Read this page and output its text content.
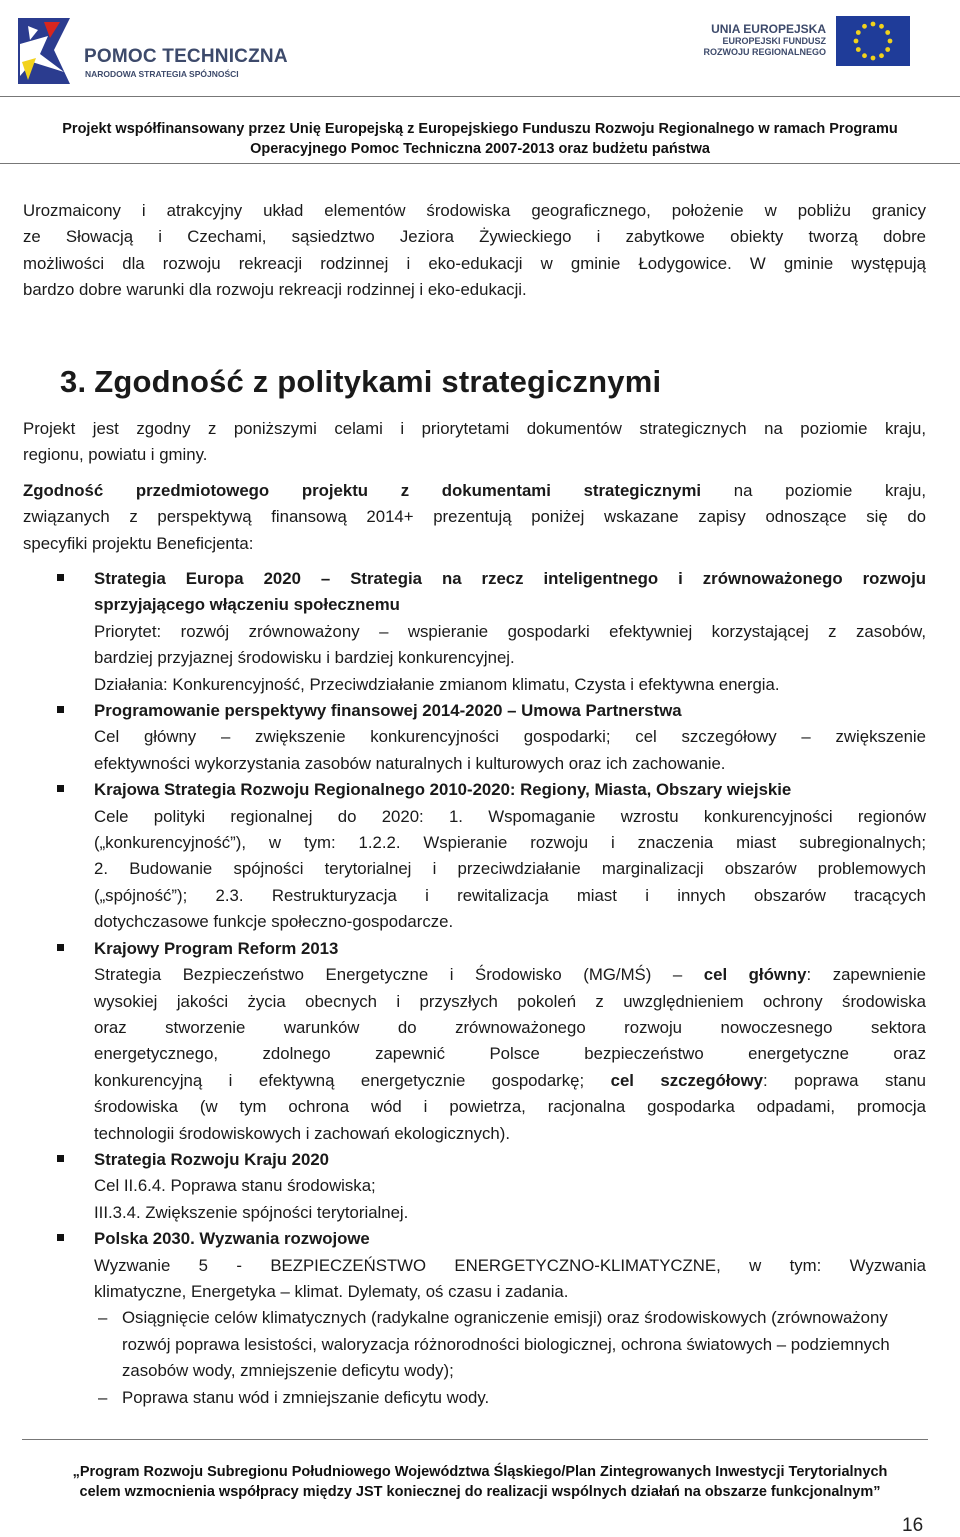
POMOC TECHNICZNA
NARODOWA STRATEGIA SPÓJNOŚCI
UNIA EUROPEJSKA
EUROPEJSKI FUNDUSZ
ROZWOJU REGIONALNEGO
Projekt współfinansowany przez Unię Europejską z Europejskiego Funduszu Rozwoju Regionalnego w ramach Programu
Operacyjnego Pomoc Techniczna 2007-2013 oraz budżetu państwa
Urozmaicony i atrakcyjny układ elementów środowiska geograficznego, położenie w pobliżu granicy
ze Słowacją i Czechami, sąsiedztwo Jeziora Żywieckiego i zabytkowe obiekty tworzą dobre
możliwości dla rozwoju rekreacji rodzinnej i eko-edukacji w gminie Łodygowice. W gminie występują
bardzo dobre warunki dla rozwoju rekreacji rodzinnej i eko-edukacji.
3. Zgodność z politykami strategicznymi
Projekt jest zgodny z poniższymi celami i priorytetami dokumentów strategicznych na poziomie kraju,
regionu, powiatu i gminy.
Zgodność przedmiotowego projektu z dokumentami strategicznymi na poziomie kraju,
związanych z perspektywą finansową 2014+ prezentują poniżej wskazane zapisy odnoszące się do
specyfiki projektu Beneficjenta:
Strategia Europa 2020 – Strategia na rzecz inteligentnego i zrównoważonego rozwoju
sprzyjającego włączeniu społecznemu
Priorytet: rozwój zrównoważony – wspieranie gospodarki efektywniej korzystającej z zasobów,
bardziej przyjaznej środowisku i bardziej konkurencyjnej.
Działania: Konkurencyjność, Przeciwdziałanie zmianom klimatu, Czysta i efektywna energia.
Programowanie perspektywy finansowej 2014-2020 – Umowa Partnerstwa
Cel główny – zwiększenie konkurencyjności gospodarki; cel szczegółowy – zwiększenie
efektywności wykorzystania zasobów naturalnych i kulturowych oraz ich zachowanie.
Krajowa Strategia Rozwoju Regionalnego 2010-2020: Regiony, Miasta, Obszary wiejskie
Cele polityki regionalnej do 2020: 1. Wspomaganie wzrostu konkurencyjności regionów
(„konkurencyjność”), w tym: 1.2.2. Wspieranie rozwoju i znaczenia miast subregionalnych;
2. Budowanie spójności terytorialnej i przeciwdziałanie marginalizacji obszarów problemowych
(„spójność”); 2.3. Restrukturyzacja i rewitalizacja miast i innych obszarów tracących
dotychczasowe funkcje społeczno-gospodarcze.
Krajowy Program Reform 2013
Strategia Bezpieczeństwo Energetyczne i Środowisko (MG/MŚ) – cel główny: zapewnienie
wysokiej jakości życia obecnych i przyszłych pokoleń z uwzględnieniem ochrony środowiska
oraz stworzenie warunków do zrównoważonego rozwoju nowoczesnego sektora
energetycznego, zdolnego zapewnić Polsce bezpieczeństwo energetyczne oraz
konkurencyjną i efektywną energetycznie gospodarkę; cel szczegółowy: poprawa stanu
środowiska (w tym ochrona wód i powietrza, racjonalna gospodarka odpadami, promocja
technologii środowiskowych i zachowań ekologicznych).
Strategia Rozwoju Kraju 2020
Cel II.6.4. Poprawa stanu środowiska;
III.3.4. Zwiększenie spójności terytorialnej.
Polska 2030. Wyzwania rozwojowe
Wyzwanie 5 - BEZPIECZEŃSTWO ENERGETYCZNO-KLIMATYCZNE, w tym: Wyzwania
klimatyczne, Energetyka – klimat. Dylematy, oś czasu i zadania.
– Osiągnięcie celów klimatycznych (radykalne ograniczenie emisji) oraz środowiskowych (zrównoważony rozwój poprawa lesistości, waloryzacja różnorodności biologicznej, ochrona światowych – podziemnych zasobów wody, zmniejszenie deficytu wody);
– Poprawa stanu wód i zmniejszanie deficytu wody.
„Program Rozwoju Subregionu Południowego Województwa Śląskiego/Plan Zintegrowanych Inwestycji Terytorialnych
celem wzmocnienia współpracy między JST koniecznej do realizacji wspólnych działań na obszarze funkcjonalnym”
16
